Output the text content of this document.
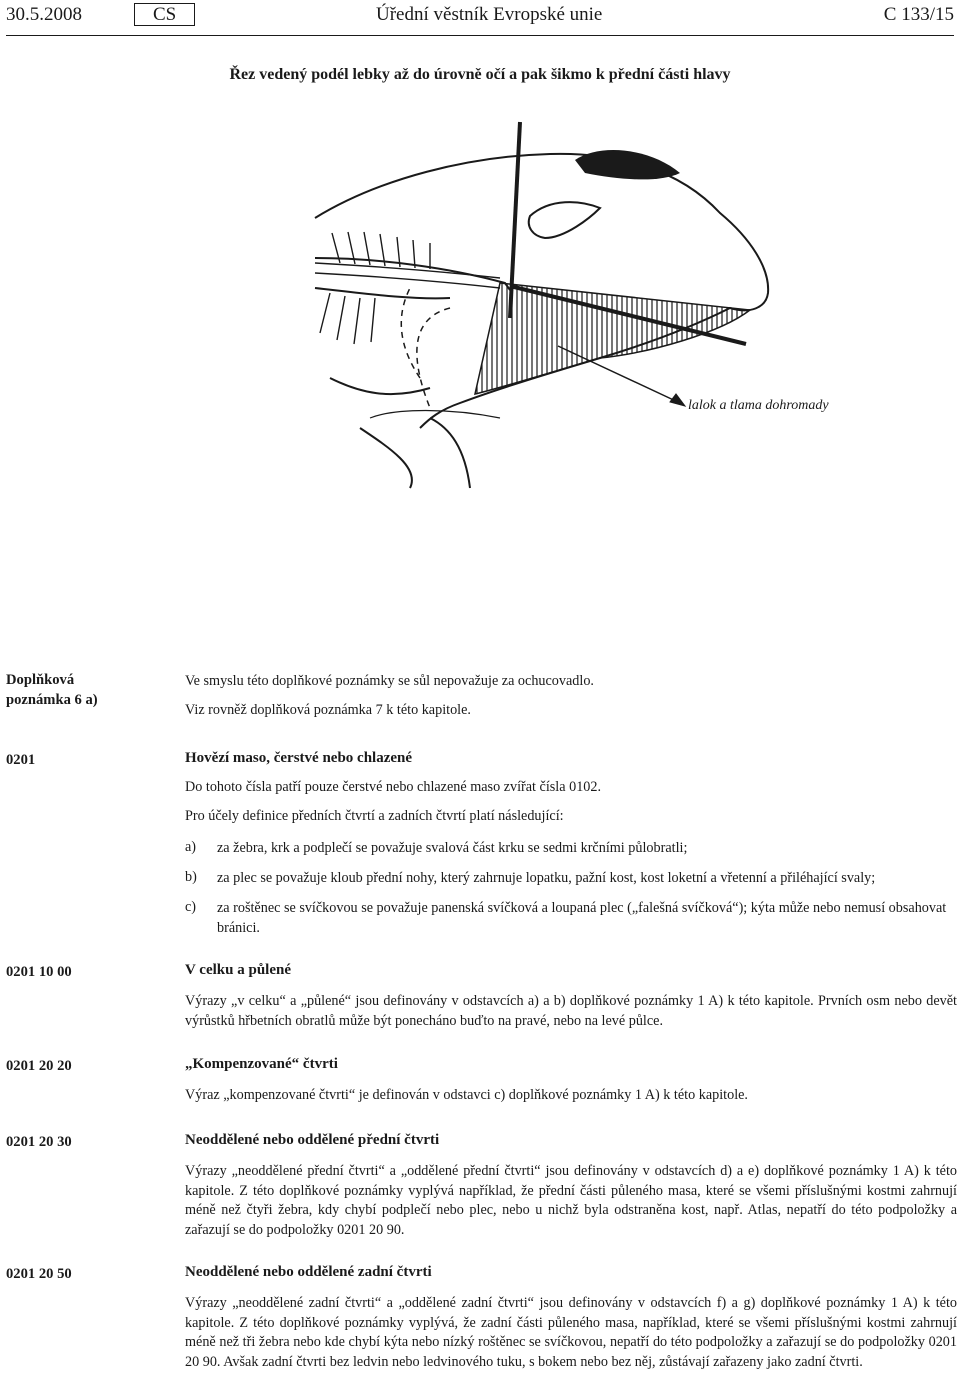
30.5.2008	CS	Úřední věstník Evropské unie	C 133/15
Řez vedený podél lebky až do úrovně očí a pak šikmo k přední části hlavy
lalok a tlama dohromady
Doplňková
poznámka 6 a)
Ve smyslu této doplňkové poznámky se sůl nepovažuje za ochucovadlo.
Viz rovněž doplňková poznámka 7 k této kapitole.
0201	Hovězí maso, čerstvé nebo chlazené
Do tohoto čísla patří pouze čerstvé nebo chlazené maso zvířat čísla 0102.
Pro účely definice předních čtvrtí a zadních čtvrtí platí následující:
a) za žebra, krk a podplečí se považuje svalová část krku se sedmi krčními půlobratli;
b) za plec se považuje kloub přední nohy, který zahrnuje lopatku, pažní kost, kost loketní a vřetenní a přiléhající svaly;
c) za roštěnec se svíčkovou se považuje panenská svíčková a loupaná plec („falešná svíčková“); kýta může nebo nemusí obsahovat bránici.
0201 10 00	V celku a půlené
Výrazy „v celku“ a „půlené“ jsou definovány v odstavcích a) a b) doplňkové poznámky 1 A) k této kapitole. Prvních osm nebo devět výrůstků hřbetních obratlů může být ponecháno buďto na pravé, nebo na levé půlce.
0201 20 20	„Kompenzované“ čtvrti
Výraz „kompenzované čtvrti“ je definován v odstavci c) doplňkové poznámky 1 A) k této kapitole.
0201 20 30	Neoddělené nebo oddělené přední čtvrti
Výrazy „neoddělené přední čtvrti“ a „oddělené přední čtvrti“ jsou definovány v odstavcích d) a e) doplňkové poznámky 1 A) k této kapitole. Z této doplňkové poznámky vyplývá například, že přední části půleného masa, které se všemi příslušnými kostmi zahrnují méně než čtyři žebra, kdy chybí podplečí nebo plec, nebo u nichž byla odstraněna kost, např. Atlas, nepatří do této podpoložky a zařazují se do podpoložky 0201 20 90.
0201 20 50	Neoddělené nebo oddělené zadní čtvrti
Výrazy „neoddělené zadní čtvrti“ a „oddělené zadní čtvrti“ jsou definovány v odstavcích f) a g) doplňkové poznámky 1 A) k této kapitole. Z této doplňkové poznámky vyplývá, že zadní části půleného masa, například, které se všemi příslušnými kostmi zahrnují méně než tři žebra nebo kde chybí kýta nebo nízký roštěnec se svíčkovou, nepatří do této podpoložky a zařazují se do podpoložky 0201 20 90. Avšak zadní čtvrti bez ledvin nebo ledvinového tuku, s bokem nebo bez něj, zůstávají zařazeny jako zadní čtvrti.
